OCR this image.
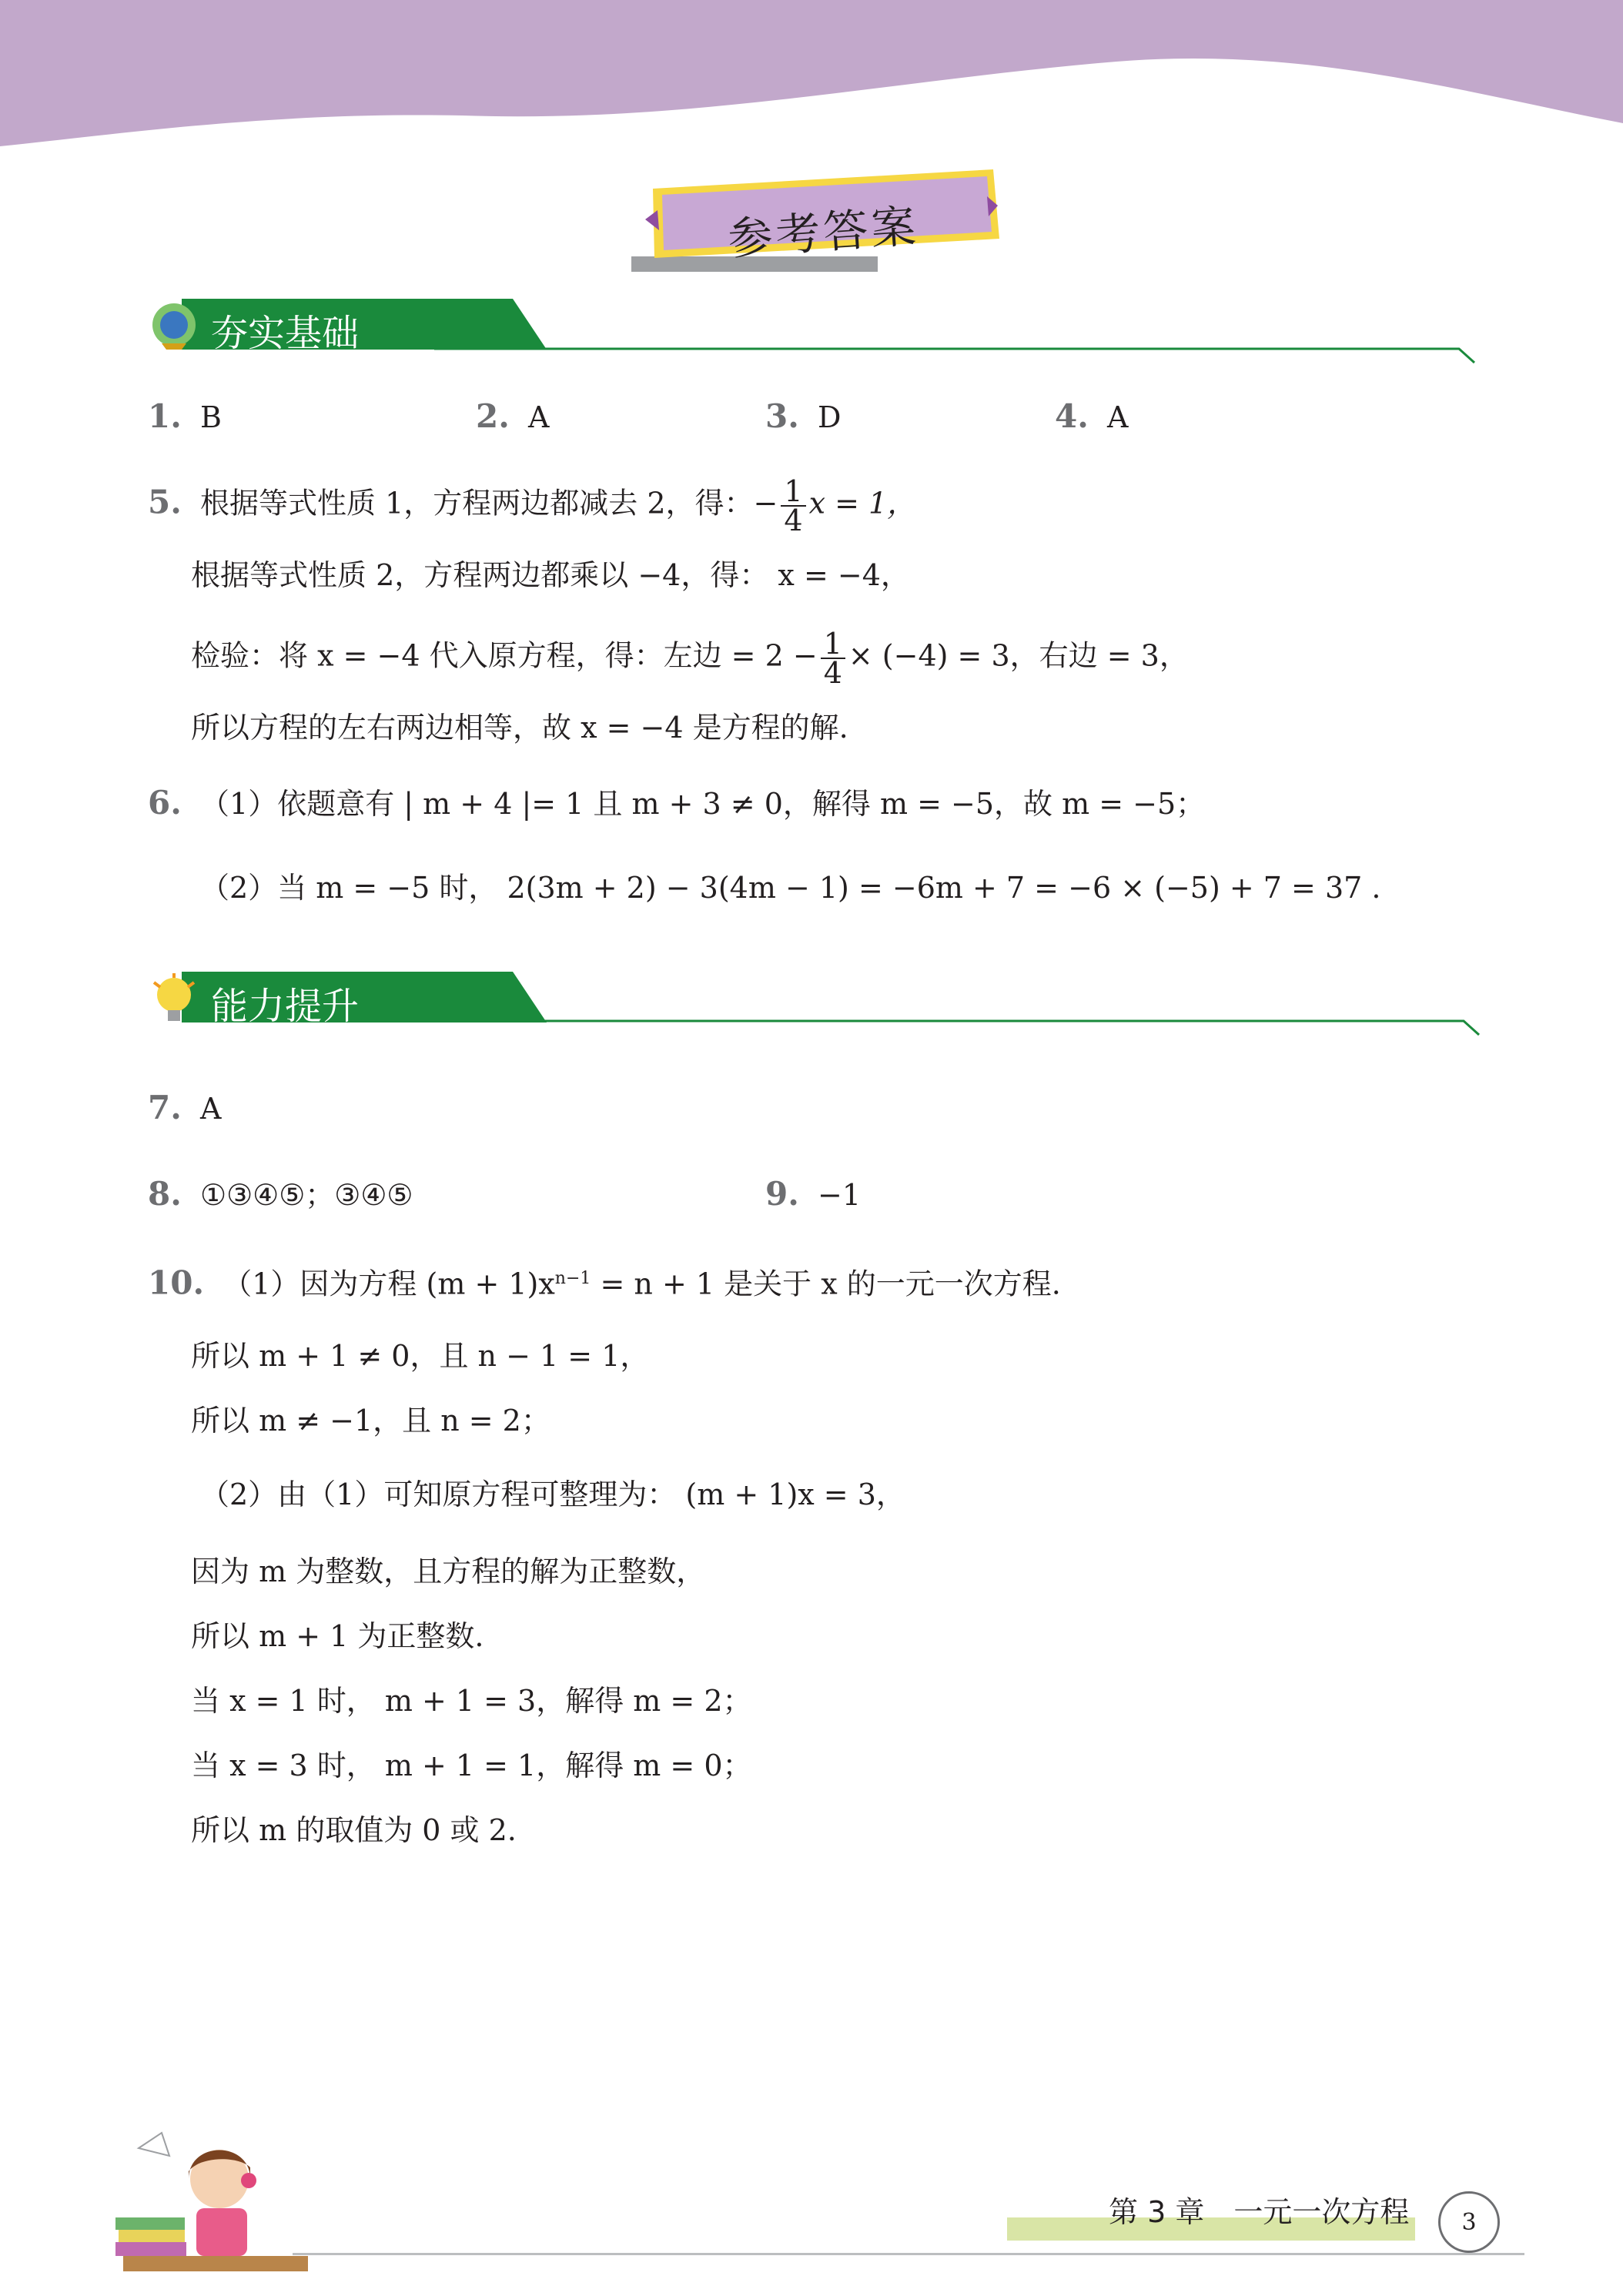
参考答案
夯实基础
1. B	2. A	3. D	4. A
5. 根据等式性质 1，方程两边都减去 2，得：− $\frac{1}{4}$ x = 1，
根据等式性质 2，方程两边都乘以 −4，得： x = −4，
检验：将 x = −4 代入原方程，得：左边 = $2 - \frac{1}{4} \times (-4) = 3$，右边 = 3，
所以方程的左右两边相等，故 x = −4 是方程的解.
6. （1）依题意有 | m + 4 |= 1 且 m + 3 ≠ 0，解得 m = −5，故 m = −5；
（2）当 m = −5 时， 2(3m + 2) − 3(4m − 1) = −6m + 7 = −6 × (−5) + 7 = 37 .
能力提升
7. A
8. ①③④⑤；③④⑤	9. −1
10. （1）因为方程 $(m + 1)x^{n-1} = n + 1$ 是关于 x 的一元一次方程.
所以 m + 1 ≠ 0，且 n − 1 = 1，
所以 m ≠ −1，且 n = 2；
（2）由（1）可知原方程可整理为： (m + 1)x = 3，
因为 m 为整数，且方程的解为正整数，
所以 m + 1 为正整数.
当 x = 1 时， m + 1 = 3，解得 m = 2；
当 x = 3 时， m + 1 = 1，解得 m = 0；
所以 m 的取值为 0 或 2.
第 3 章　一元一次方程 3
